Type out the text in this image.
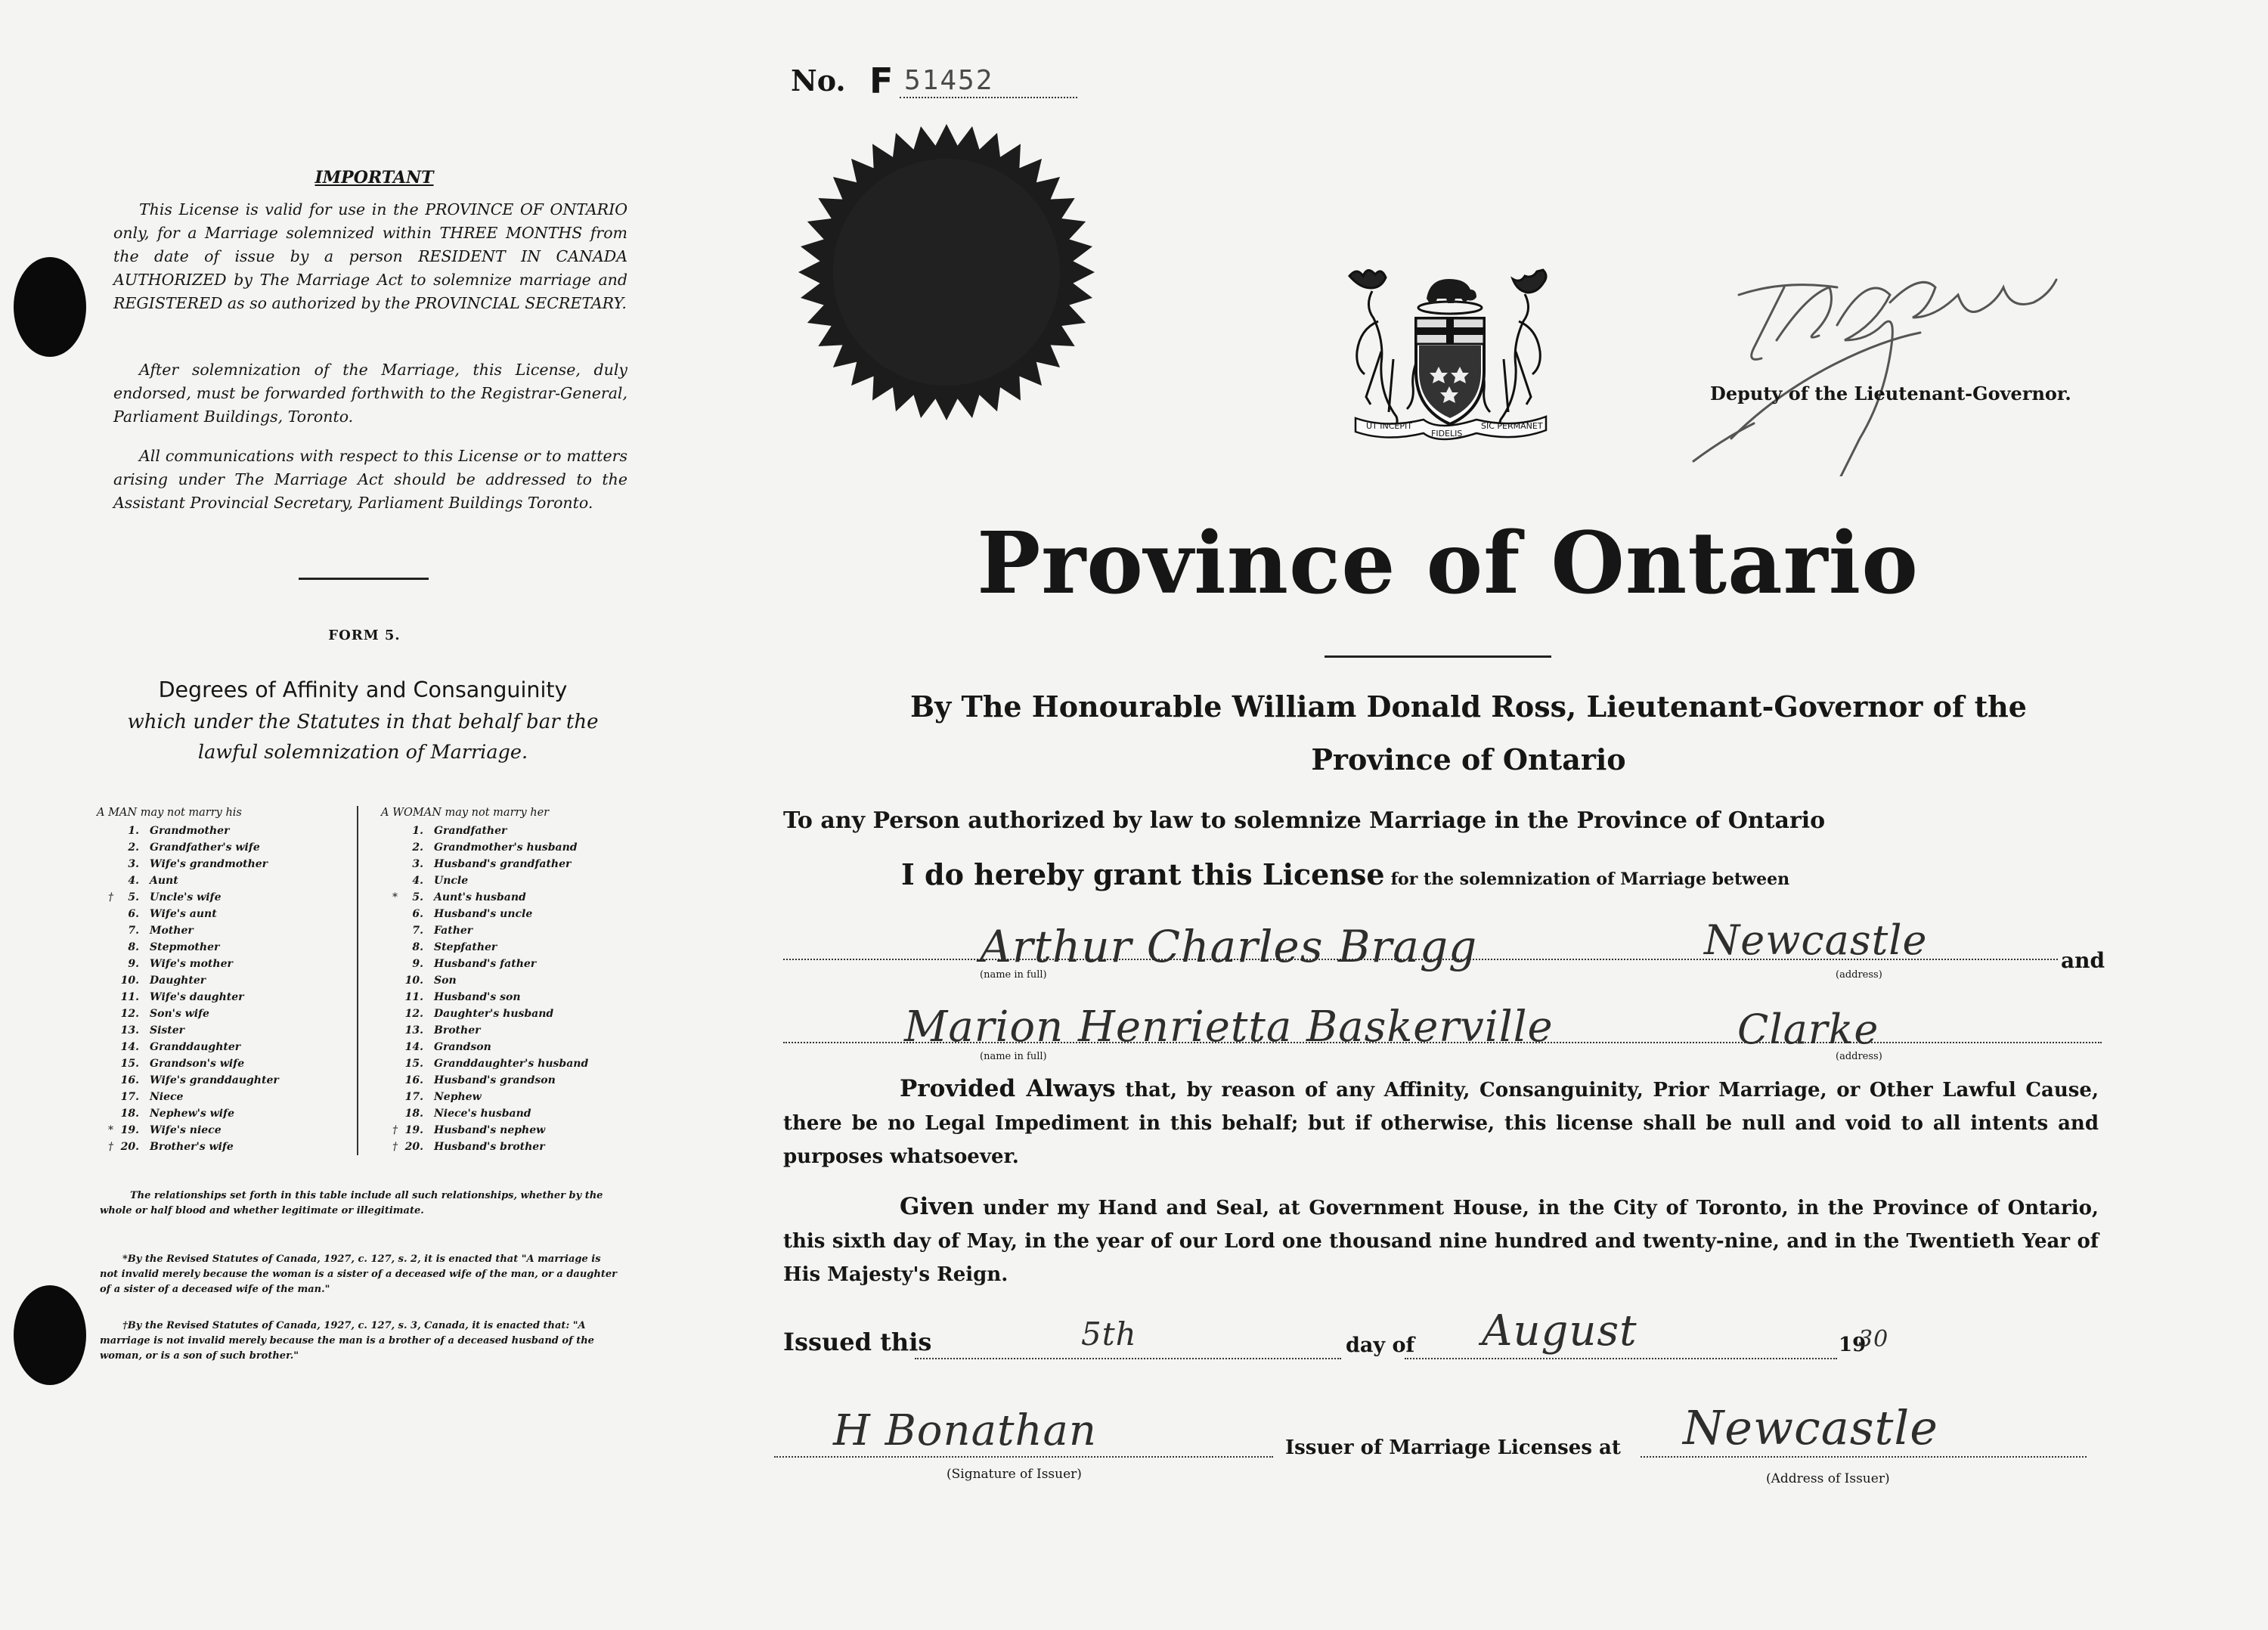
IMPORTANT
This License is valid for use in the PROVINCE OF ONTARIO only, for a Marriage solemnized within THREE MONTHS from the date of issue by a person RESIDENT IN CANADA AUTHORIZED by The Marriage Act to solemnize marriage and REGISTERED as so authorized by the PROVINCIAL SECRETARY.
After solemnization of the Marriage, this License, duly endorsed, must be forwarded forthwith to the Registrar-General, Parliament Buildings, Toronto.
All communications with respect to this License or to matters arising under The Marriage Act should be addressed to the Assistant Provincial Secretary, Parliament Buildings Toronto.
FORM 5.
Degrees of Affinity and Consanguinity
which under the Statutes in that behalf bar the
lawful solemnization of Marriage.
A MAN may not marry his
1. Grandmother
2. Grandfather's wife
3. Wife's grandmother
4. Aunt
†	5. Uncle's wife
6. Wife's aunt
7. Mother
8. Stepmother
9. Wife's mother
10. Daughter
11. Wife's daughter
12. Son's wife
13. Sister
14. Granddaughter
15. Grandson's wife
16. Wife's granddaughter
17. Niece
18. Nephew's wife
* 19. Wife's niece
† 20. Brother's wife
A WOMAN may not marry her
1. Grandfather
2. Grandmother's husband
3. Husband's grandfather
4. Uncle
*	5. Aunt's husband
6. Husband's uncle
7. Father
8. Stepfather
9. Husband's father
10. Son
11. Husband's son
12. Daughter's husband
13. Brother
14. Grandson
15. Granddaughter's husband
16. Husband's grandson
17. Nephew
18. Niece's husband
† 19. Husband's nephew
† 20. Husband's brother
The relationships set forth in this table include all such relationships, whether by the whole or half blood and whether legitimate or illegitimate.
*By the Revised Statutes of Canada, 1927, c. 127, s. 2, it is enacted that "A marriage is not invalid merely because the woman is a sister of a deceased wife of the man, or a daughter of a sister of a deceased wife of the man."
†By the Revised Statutes of Canada, 1927, c. 127, s. 3, Canada, it is enacted that: "A marriage is not invalid merely because the man is a brother of a deceased husband of the woman, or is a son of such brother."
No. F 51452
UT INCEPIT
FIDELIS
SIC PERMANET
Deputy of the Lieutenant-Governor.
Province of Ontario
By The Honourable William Donald Ross, Lieutenant-Governor of the
Province of Ontario
To any Person authorized by law to solemnize Marriage in the Province of Ontario
I do hereby grant this License for the solemnization of Marriage between
Arthur Charles Bragg	Newcastle
(name in full)	(address)
and
Marion Henrietta Baskerville	Clarke
(name in full)	(address)
Provided Always that, by reason of any Affinity, Consanguinity, Prior Marriage, or Other Lawful Cause, there be no Legal Impediment in this behalf; but if otherwise, this license shall be null and void to all intents and purposes whatsoever.
Given under my Hand and Seal, at Government House, in the City of Toronto, in the Province of Ontario, this sixth day of May, in the year of our Lord one thousand nine hundred and twenty-nine, and in the Twentieth Year of His Majesty's Reign.
Issued this	5th	day of August	19
30
H Bonathan	Issuer of Marriage Licenses at Newcastle
(Signature of Issuer)	(Address of Issuer)
